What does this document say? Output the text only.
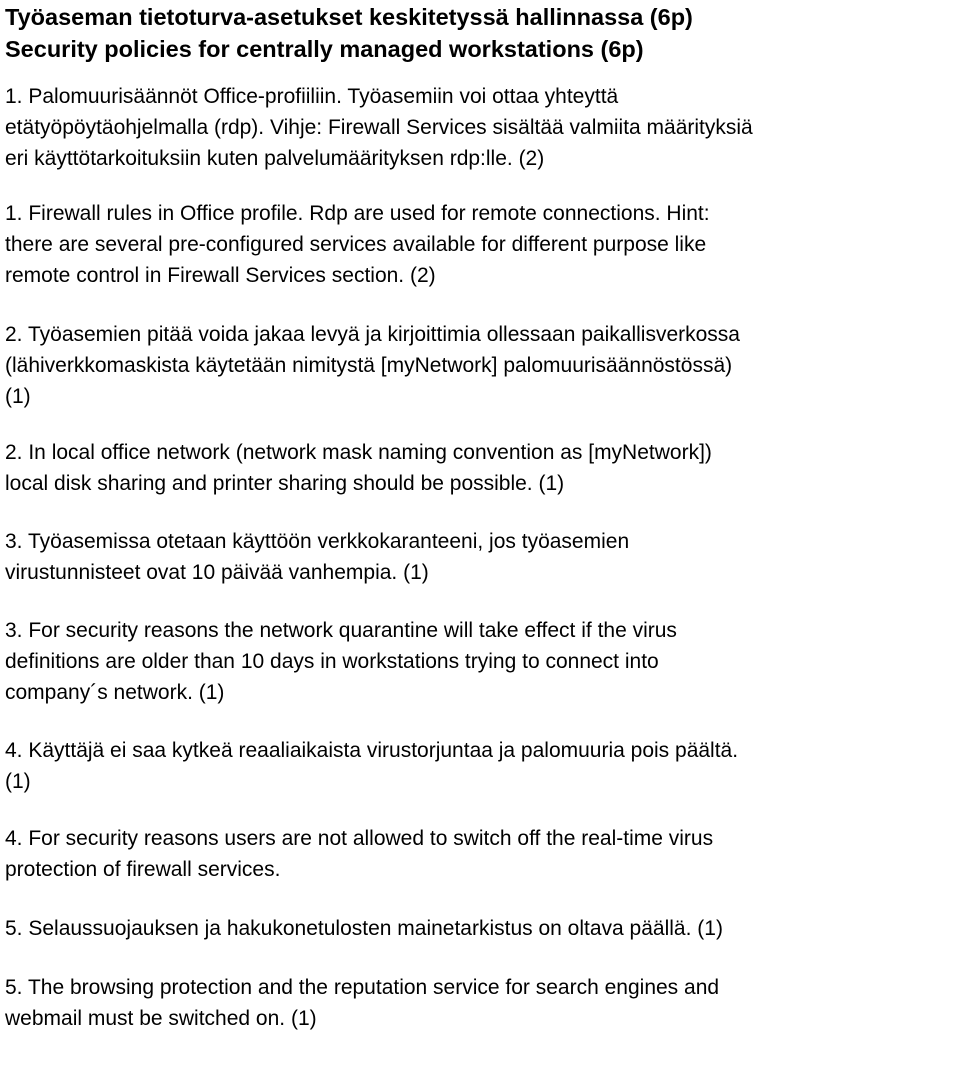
Työaseman tietoturva-asetukset keskitetyssä hallinnassa (6p)
Security policies for centrally managed workstations (6p)

1. Palomuurisäännöt Office-profiiliin. Työasemiin voi ottaa yhteyttä
etätyöpöytäohjelmalla (rdp). Vihje: Firewall Services sisältää valmiita määrityksiä
eri käyttötarkoituksiin kuten palvelumäärityksen rdp:lle. (2)

1. Firewall rules in Office profile. Rdp are used for remote connections. Hint:
there are several pre-configured services available for different purpose like
remote control in Firewall Services section. (2)

2. Työasemien pitää voida jakaa levyä ja kirjoittimia ollessaan paikallisverkossa
(lähiverkkomaskista käytetään nimitystä [myNetwork] palomuurisäännöstössä)
(1)

2. In local office network (network mask naming convention as [myNetwork])
local disk sharing and printer sharing should be possible. (1)

3. Työasemissa otetaan käyttöön verkkokaranteeni, jos työasemien
virustunnisteet ovat 10 päivää vanhempia. (1)

3. For security reasons the network quarantine will take effect if the virus
definitions are older than 10 days in workstations trying to connect into
company´s network. (1)

4. Käyttäjä ei saa kytkeä reaaliaikaista virustorjuntaa ja palomuuria pois päältä.
(1)

4. For security reasons users are not allowed to switch off the real-time virus
protection of firewall services.

5. Selaussuojauksen ja hakukonetulosten mainetarkistus on oltava päällä. (1)

5. The browsing protection and the reputation service for search engines and
webmail must be switched on. (1)
